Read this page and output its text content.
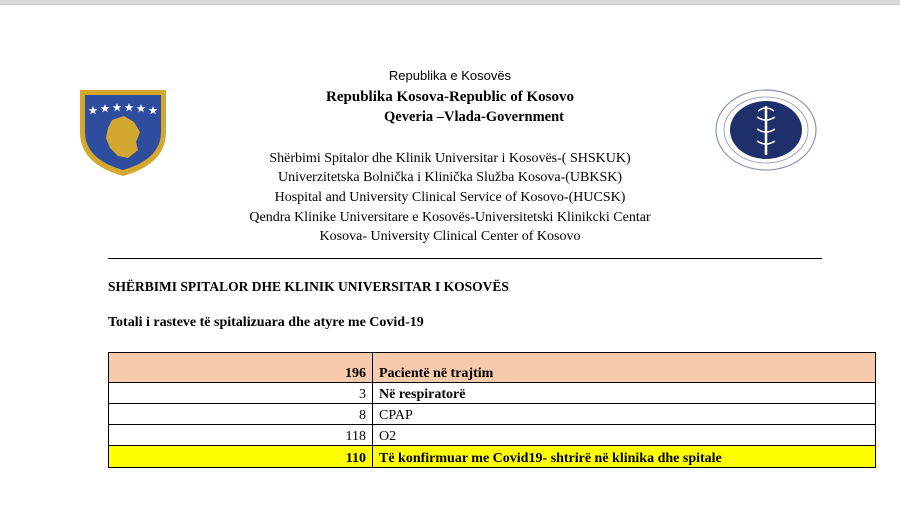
Republika e Kosovës
Republika Kosova-Republic of Kosovo
Qeveria –Vlada-Government
Shërbimi Spitalor dhe Klinik Universitar i Kosovës-( SHSKUK)
Univerzitetska Bolnička i Klinička Služba Kosova-(UBKSK)
Hospital and University Clinical Service of Kosovo-(HUCSK)
Qendra Klinike Universitare e Kosovës-Universitetski Klinikcki Centar
Kosova- University Clinical Center of Kosovo
SHËRBIMI SPITALOR DHE KLINIK UNIVERSITAR I KOSOVËS
Totali i rasteve të spitalizuara dhe atyre me Covid-19
196	Pacientë në trajtim
3	Në respiratorë
8	CPAP
118	O2
110	Të konfirmuar me Covid19- shtrirë në klinika dhe spitale
